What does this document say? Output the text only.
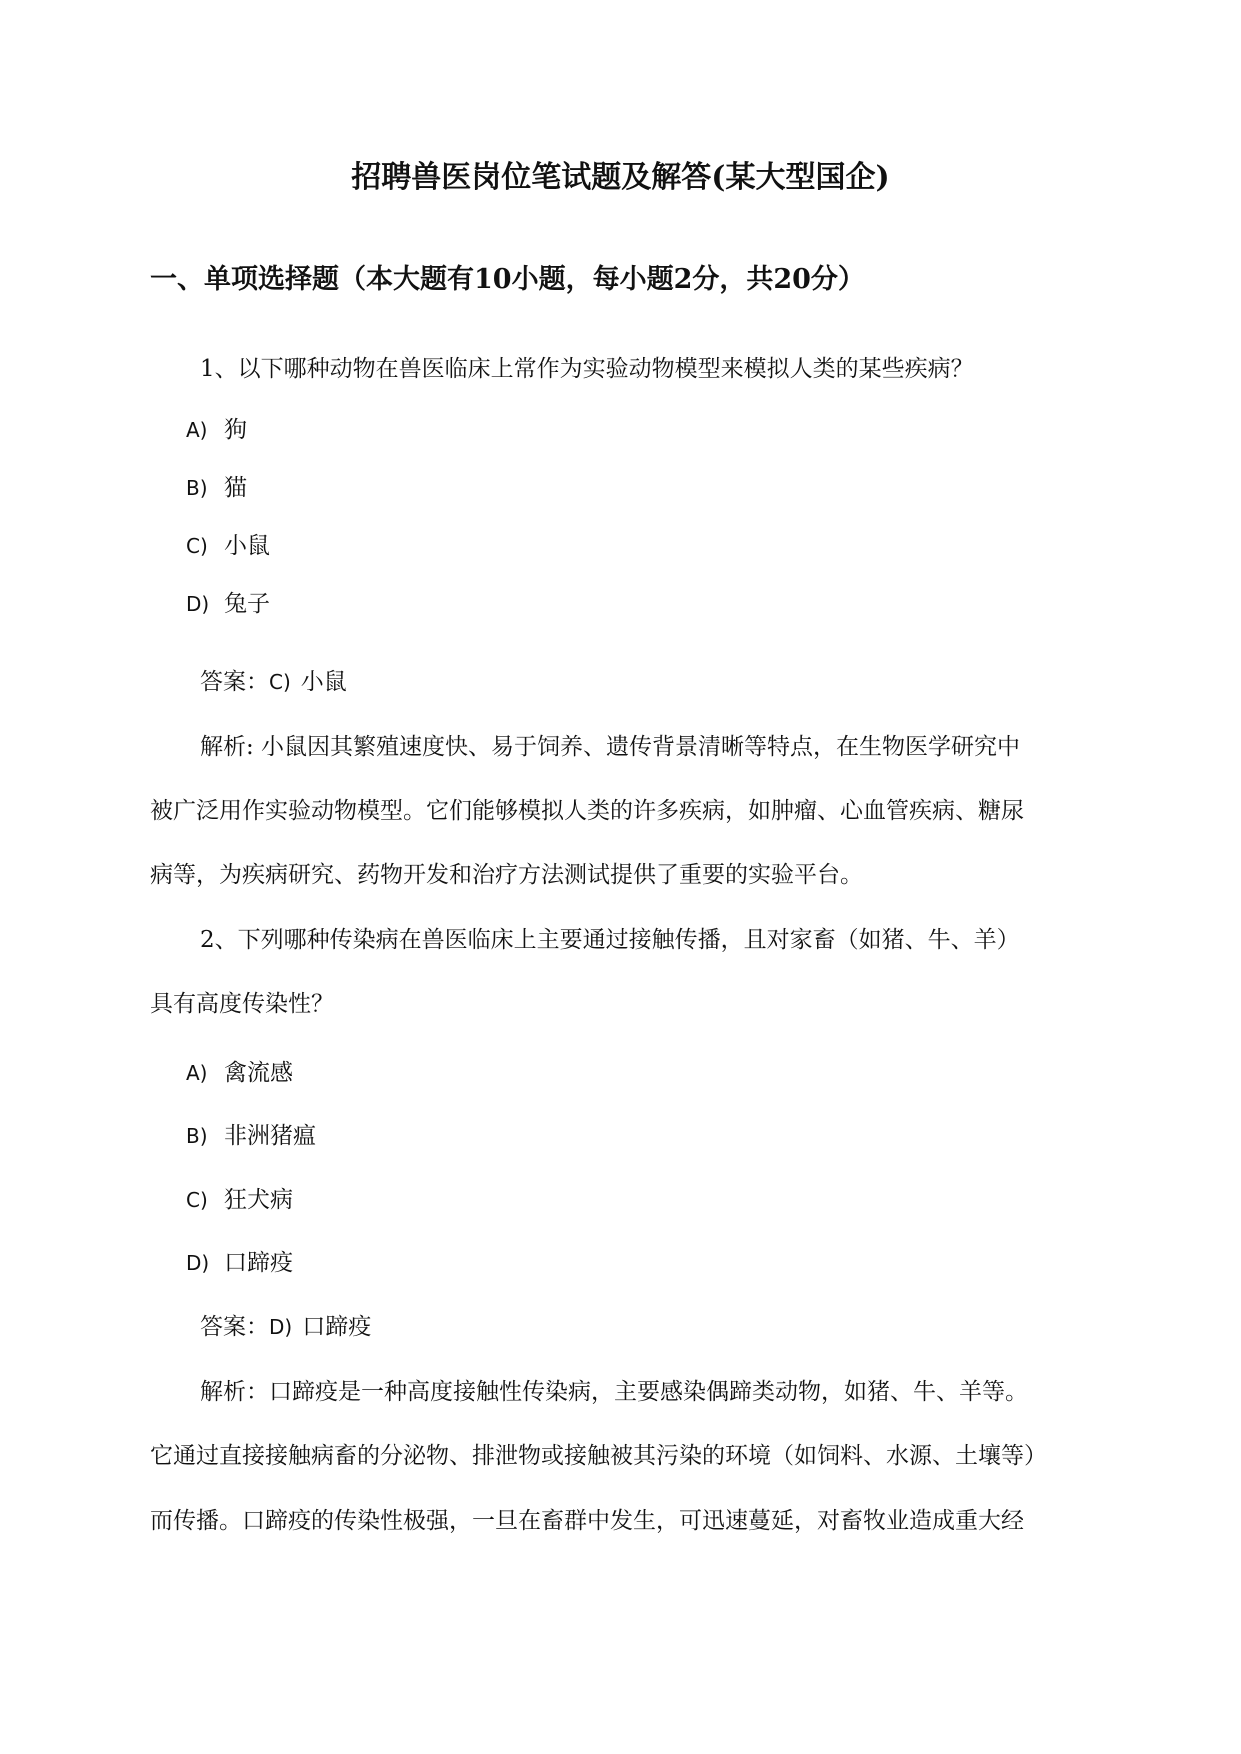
招聘兽医岗位笔试题及解答(某大型国企)
一、单项选择题（本大题有10小题，每小题2分，共20分）

1、以下哪种动物在兽医临床上常作为实验动物模型来模拟人类的某些疾病？

A) 狗
B) 猫
C) 小鼠
D) 兔子

答案：C) 小鼠

解析: 小鼠因其繁殖速度快、易于饲养、遗传背景清晰等特点，在生物医学研究中

被广泛用作实验动物模型。它们能够模拟人类的许多疾病，如肿瘤、心血管疾病、糖尿

病等，为疾病研究、药物开发和治疗方法测试提供了重要的实验平台。

2、下列哪种传染病在兽医临床上主要通过接触传播，且对家畜（如猪、牛、羊）

具有高度传染性？

A) 禽流感
B) 非洲猪瘟
C) 狂犬病
D) 口蹄疫

答案：D) 口蹄疫

解析：口蹄疫是一种高度接触性传染病，主要感染偶蹄类动物，如猪、牛、羊等。

它通过直接接触病畜的分泌物、排泄物或接触被其污染的环境（如饲料、水源、土壤等）

而传播。口蹄疫的传染性极强，一旦在畜群中发生，可迅速蔓延，对畜牧业造成重大经
